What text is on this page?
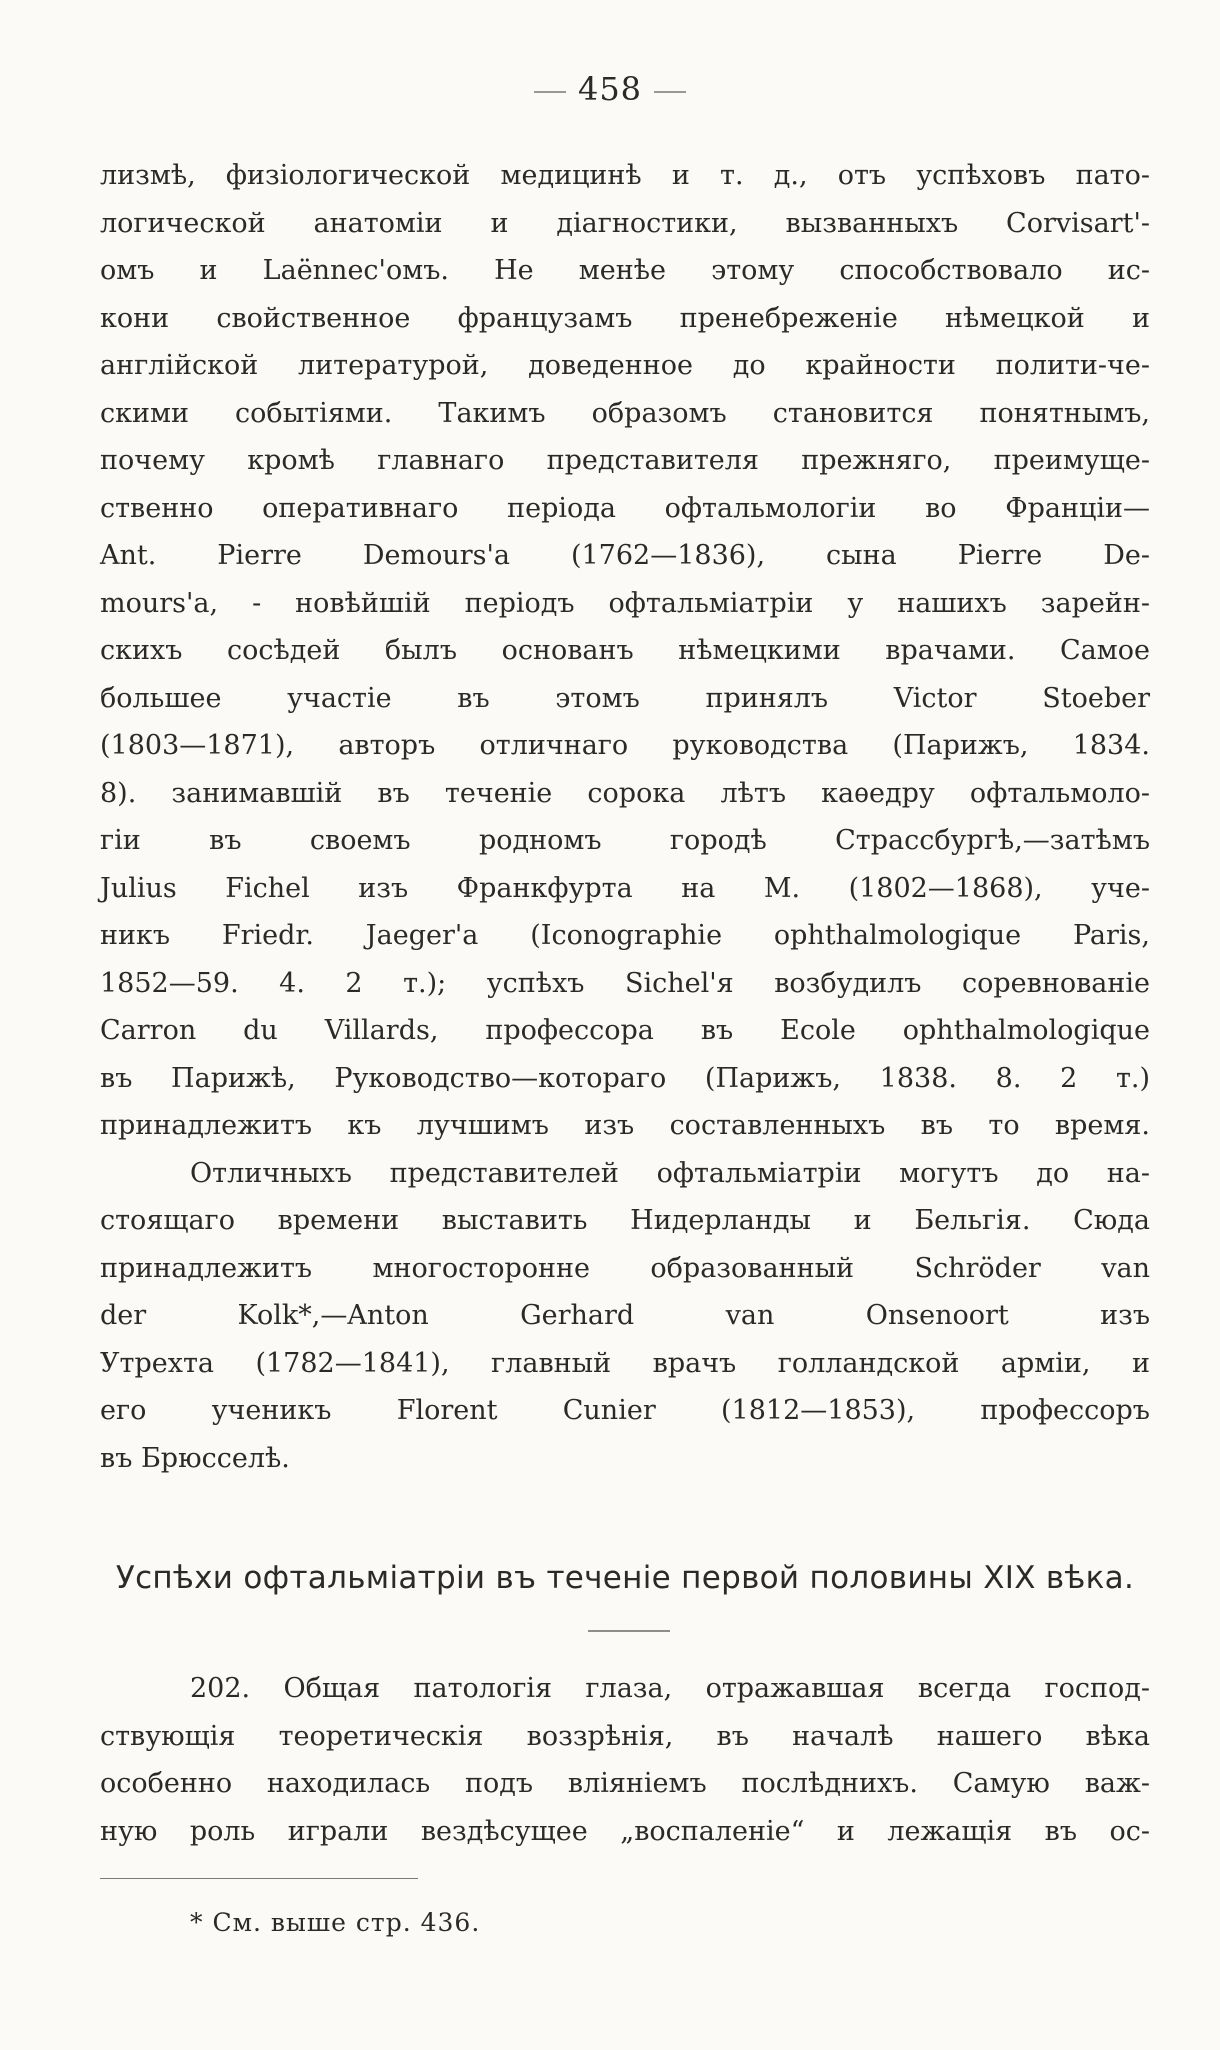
458
лизмѣ, физіологической медицинѣ и т. д., отъ успѣховъ пато-
логической анатоміи и діагностики, вызванныхъ Corvisart'-
омъ и Laënnec'омъ. Не менѣе этому способствовало ис-
кони свойственное французамъ пренебреженіе нѣмецкой и
англійской литературой, доведенное до крайности полити-че-
скими событіями. Такимъ образомъ становится понятнымъ,
почему кромѣ главнаго представителя прежняго, преимуще-
ственно оперативнаго періода офтальмологіи во Франціи—
Ant. Pierre Demours'a (1762—1836), сына Pierre De-
mours'a, - новѣйшій періодъ офтальміатріи у нашихъ зарейн-
скихъ сосѣдей былъ основанъ нѣмецкими врачами. Самое
большее участіе въ этомъ принялъ Victor Stoeber
(1803—1871), авторъ отличнаго руководства (Парижъ, 1834.
8). занимавшій въ теченіе сорока лѣтъ каѳедру офтальмоло-
гіи въ своемъ родномъ городѣ Страссбургѣ,—затѣмъ
Julius Fichel изъ Франкфурта на М. (1802—1868), уче-
никъ Friedr. Jaeger'a (Iconographie ophthalmologique Paris,
1852—59. 4. 2 т.); успѣхъ Sichel'я возбудилъ соревнованіе
Carron du Villards, профессора въ Ecole ophthalmologique
въ Парижѣ, Руководство—котораго (Парижъ, 1838. 8. 2 т.)
принадлежитъ къ лучшимъ изъ составленныхъ въ то время.
Отличныхъ представителей офтальміатріи могутъ до на-
стоящаго времени выставить Нидерланды и Бельгія. Сюда
принадлежитъ многосторонне образованный Schröder van
der Kolk*,—Anton Gerhard van Onsenoort изъ
Утрехта (1782—1841), главный врачъ голландской арміи, и
его ученикъ Florent Cunier (1812—1853), профессоръ
въ Брюсселѣ.
Успѣхи офтальміатріи въ теченіе первой половины XIX вѣка.
202. Общая патологія глаза, отражавшая всегда господ-
ствующія теоретическія воззрѣнія, въ началѣ нашего вѣка
особенно находилась подъ вліяніемъ послѣднихъ. Самую важ-
ную роль играли вездѣсущее „воспаленіе“ и лежащія въ ос-
* См. выше стр. 436.
